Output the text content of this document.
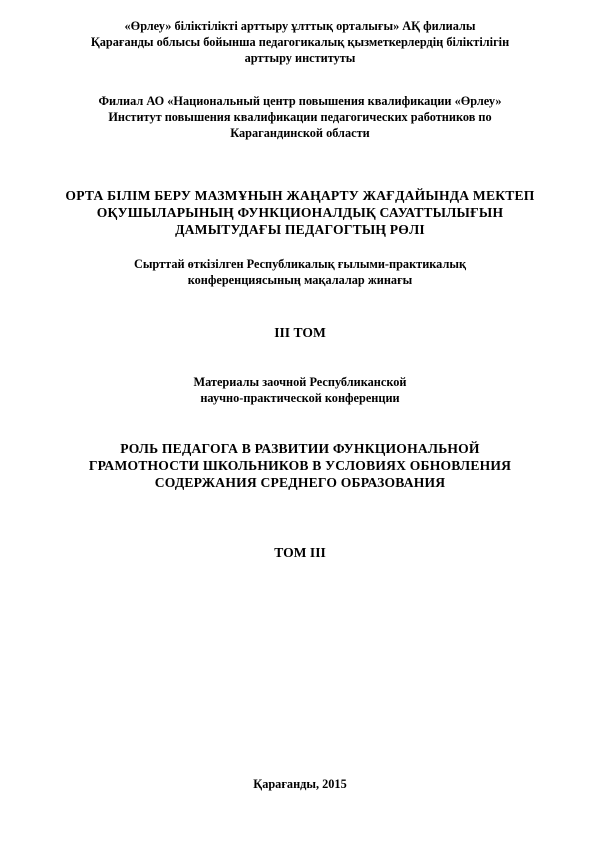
«Өрлеу» біліктілікті арттыру ұлттық орталығы» АҚ филиалы
Қарағанды облысы бойынша педагогикалық қызметкерлердің біліктілігін
арттыру институты
Филиал АО «Национальный центр повышения квалификации «Өрлеу»
Институт повышения квалификации педагогических работников по
Карагандинской области
ОРТА БІЛІМ БЕРУ МАЗМҰНЫН ЖАҢАРТУ ЖАҒДАЙЫНДА МЕКТЕП
ОҚУШЫЛАРЫНЫҢ ФУНКЦИОНАЛДЫҚ САУАТТЫЛЫҒЫН
ДАМЫТУДАҒЫ ПЕДАГОГТЫҢ РӨЛІ
Сырттай өткізілген Республикалық ғылыми-практикалық
конференциясының мақалалар жинағы
III ТОМ
Материалы заочной Республиканской
научно-практической конференции
РОЛЬ ПЕДАГОГА В РАЗВИТИИ ФУНКЦИОНАЛЬНОЙ
ГРАМОТНОСТИ ШКОЛЬНИКОВ В УСЛОВИЯХ ОБНОВЛЕНИЯ
СОДЕРЖАНИЯ СРЕДНЕГО ОБРАЗОВАНИЯ
ТОМ III
Қарағанды, 2015
